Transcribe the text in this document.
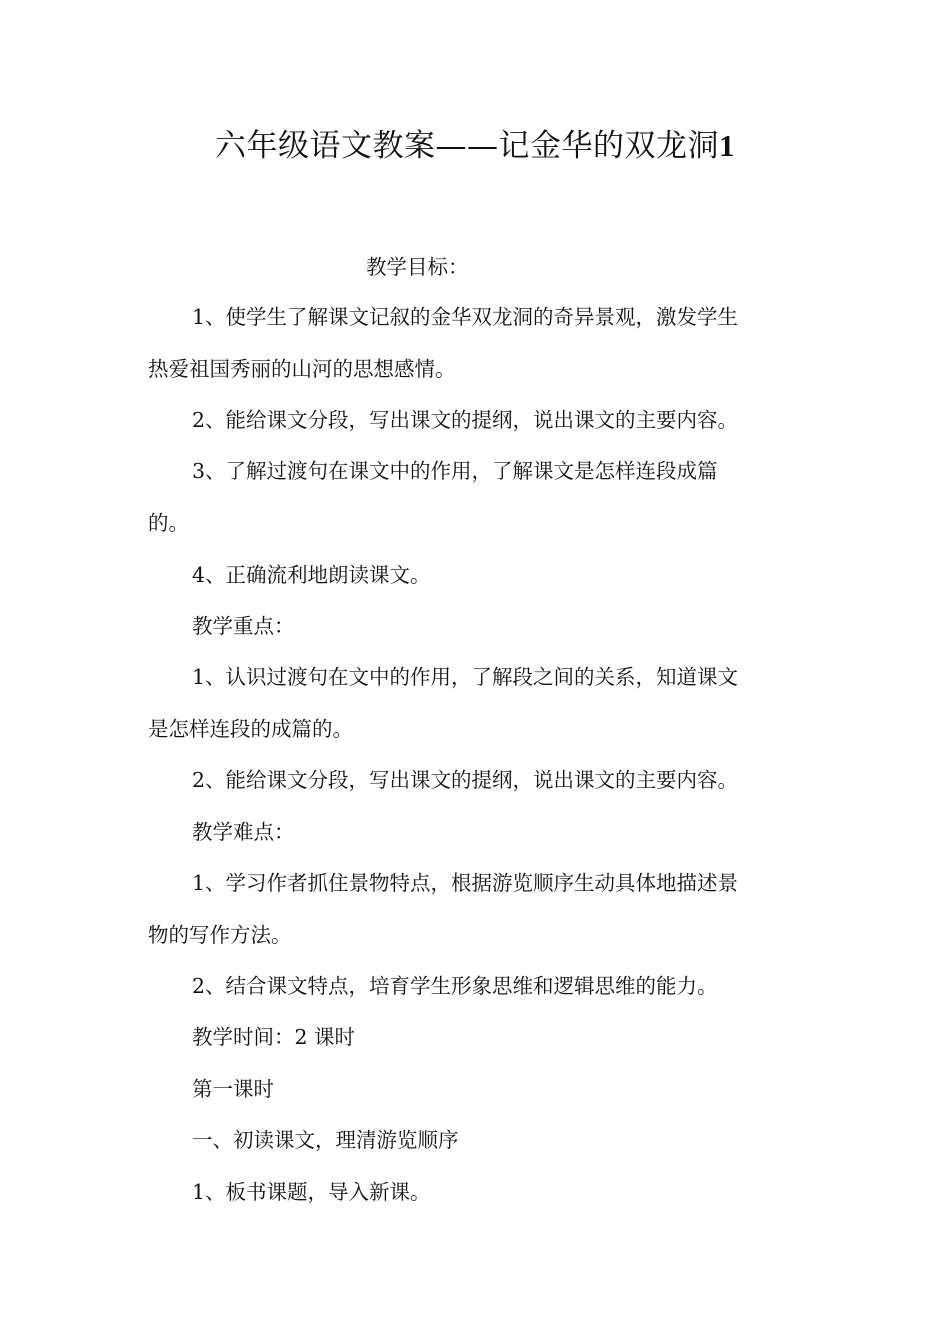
六年级语文教案——记金华的双龙洞1
教学目标：
1、使学生了解课文记叙的金华双龙洞的奇异景观，激发学生
热爱祖国秀丽的山河的思想感情。
2、能给课文分段，写出课文的提纲，说出课文的主要内容。
3、了解过渡句在课文中的作用，了解课文是怎样连段成篇
的。
4、正确流利地朗读课文。
教学重点：
1、认识过渡句在文中的作用，了解段之间的关系，知道课文
是怎样连段的成篇的。
2、能给课文分段，写出课文的提纲，说出课文的主要内容。
教学难点：
1、学习作者抓住景物特点，根据游览顺序生动具体地描述景
物的写作方法。
2、结合课文特点，培育学生形象思维和逻辑思维的能力。
教学时间：2 课时
第一课时
一、初读课文，理清游览顺序
1、板书课题，导入新课。
